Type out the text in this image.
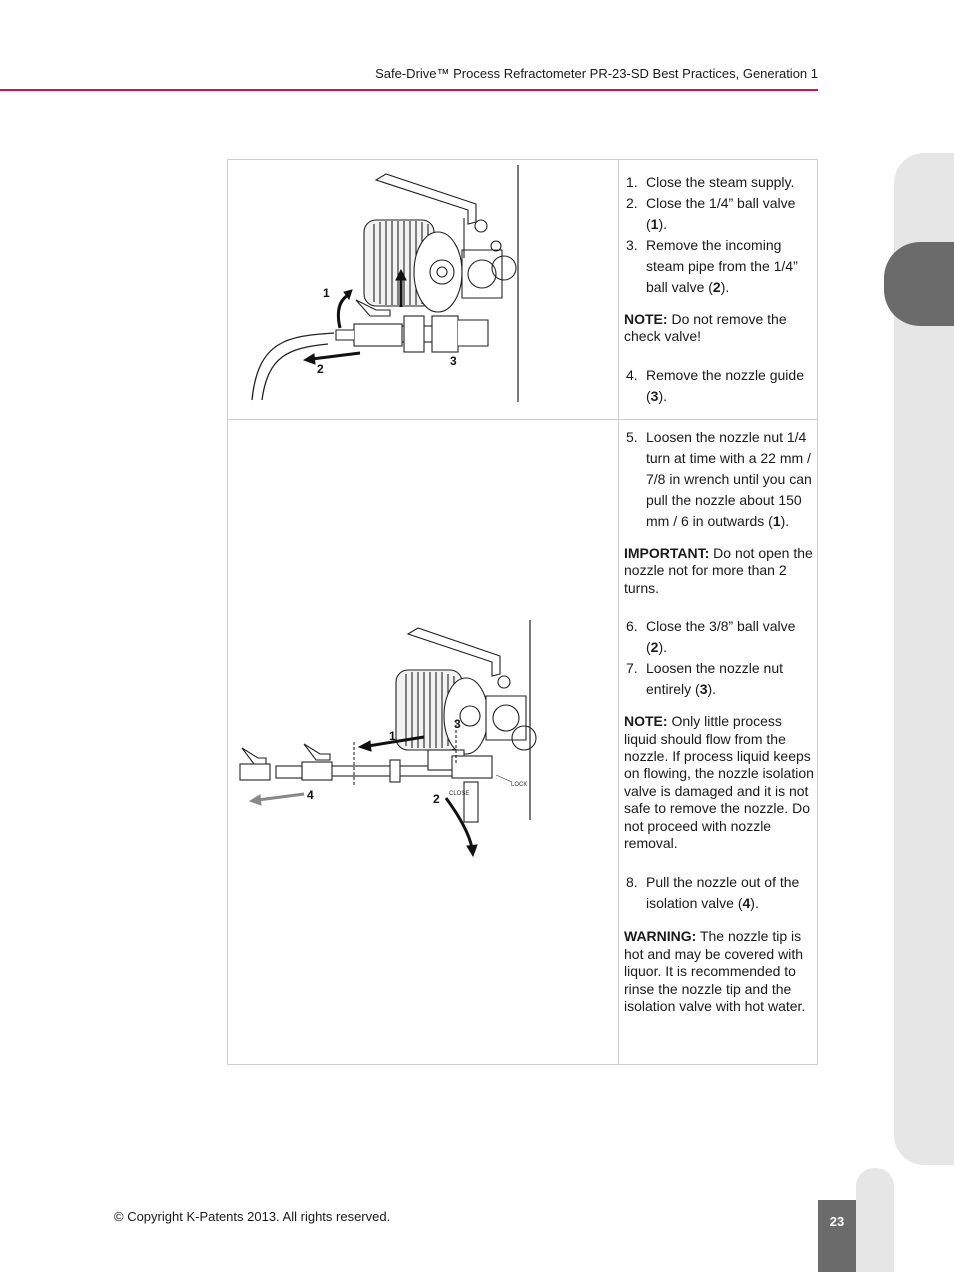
Safe-Drive™ Process Refractometer PR-23-SD Best Practices, Generation 1
23
1
2
3
1. Close the steam supply.
2. Close the 1/4” ball valve (1).
3. Remove the incoming steam pipe from the 1/4” ball valve (2).
NOTE: Do not remove the check valve!
4. Remove the nozzle guide (3).
1
2
3
4	CLOSE
LOCK
5. Loosen the nozzle nut 1/4 turn at time with a 22 mm / 7/8 in wrench until you can pull the nozzle about 150 mm / 6 in outwards (1).
IMPORTANT: Do not open the nozzle not for more than 2 turns.
6. Close the 3/8” ball valve (2).
7. Loosen the nozzle nut entirely (3).
NOTE: Only little process liquid should flow from the nozzle. If process liquid keeps on flowing, the nozzle isolation valve is damaged and it is not safe to remove the nozzle. Do not proceed with nozzle removal.
8. Pull the nozzle out of the isolation valve (4).
WARNING: The nozzle tip is hot and may be covered with liquor. It is recommended to rinse the nozzle tip and the isolation valve with hot water.
© Copyright K-Patents 2013. All rights reserved.
